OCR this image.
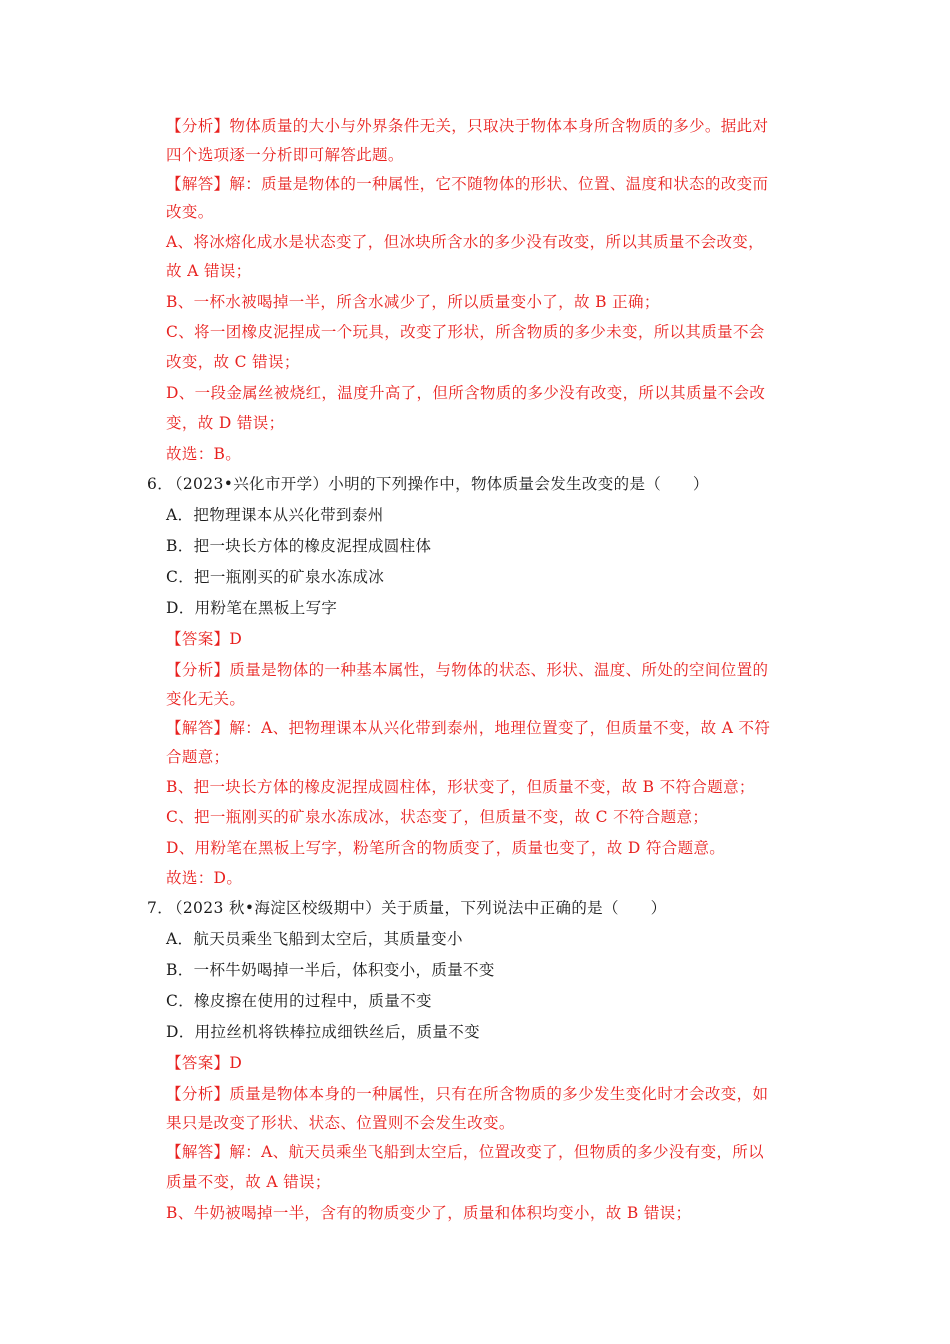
【分析】物体质量的大小与外界条件无关，只取决于物体本身所含物质的多少。据此对
四个选项逐一分析即可解答此题。
【解答】解：质量是物体的一种属性，它不随物体的形状、位置、温度和状态的改变而
改变。
A、将冰熔化成水是状态变了，但冰块所含水的多少没有改变，所以其质量不会改变，
故 A 错误；
B、一杯水被喝掉一半，所含水减少了，所以质量变小了，故 B 正确；
C、将一团橡皮泥捏成一个玩具，改变了形状，所含物质的多少未变，所以其质量不会
改变，故 C 错误；
D、一段金属丝被烧红，温度升高了，但所含物质的多少没有改变，所以其质量不会改
变，故 D 错误；
故选：B。
6．
（2023•兴化市开学）小明的下列操作中，物体质量会发生改变的是（　　）
A．把物理课本从兴化带到泰州
B．把一块长方体的橡皮泥捏成圆柱体
C．把一瓶刚买的矿泉水冻成冰
D．用粉笔在黑板上写字
【答案】D
【分析】质量是物体的一种基本属性，与物体的状态、形状、温度、所处的空间位置的
变化无关。
【解答】解：A、把物理课本从兴化带到泰州，地理位置变了，但质量不变，故 A 不符
合题意；
B、把一块长方体的橡皮泥捏成圆柱体，形状变了，但质量不变，故 B 不符合题意；
C、把一瓶刚买的矿泉水冻成冰，状态变了，但质量不变，故 C 不符合题意；
D、用粉笔在黑板上写字，粉笔所含的物质变了，质量也变了，故 D 符合题意。
故选：D。
7．
（2023 秋•海淀区校级期中）关于质量，下列说法中正确的是（　　）
A．航天员乘坐飞船到太空后，其质量变小
B．一杯牛奶喝掉一半后，体积变小，质量不变
C．橡皮擦在使用的过程中，质量不变
D．用拉丝机将铁棒拉成细铁丝后，质量不变
【答案】D
【分析】质量是物体本身的一种属性，只有在所含物质的多少发生变化时才会改变，如
果只是改变了形状、状态、位置则不会发生改变。
【解答】解：A、航天员乘坐飞船到太空后，位置改变了，但物质的多少没有变，所以
质量不变，故 A 错误；
B、牛奶被喝掉一半，含有的物质变少了，质量和体积均变小，故 B 错误；
